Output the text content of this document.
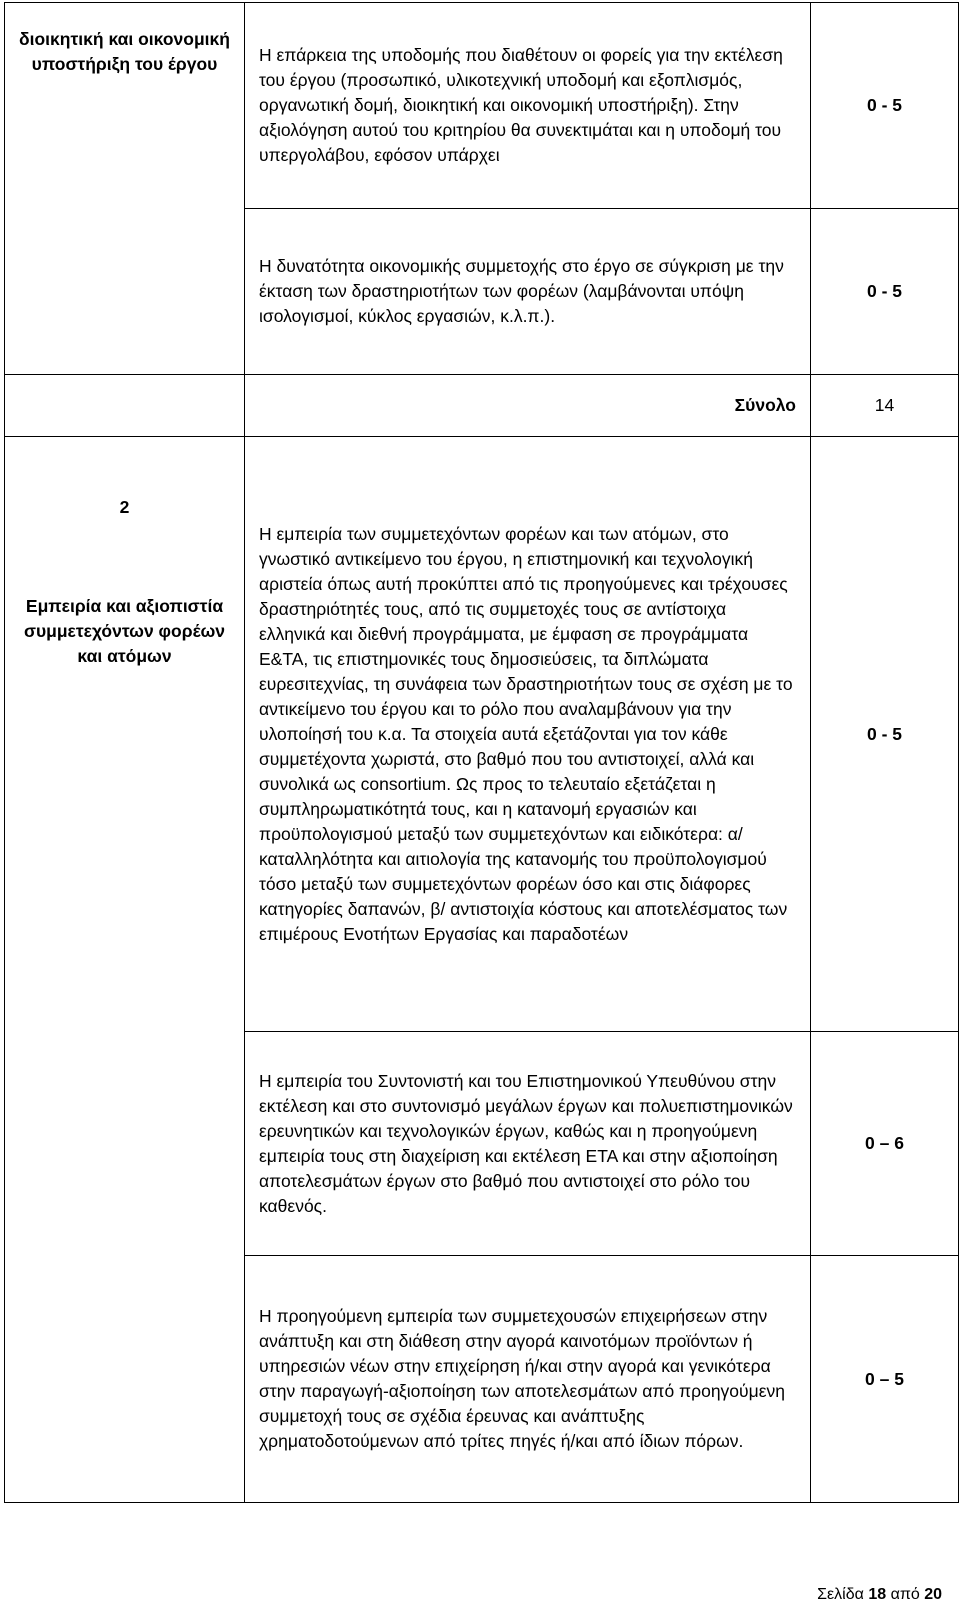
διοικητική και οικονομική υποστήριξη του έργου	Η επάρκεια της υποδομής που διαθέτουν οι φορείς για την εκτέλεση του έργου (προσωπικό, υλικοτεχνική υποδομή και εξοπλισμός, οργανωτική δομή, διοικητική και οικονομική υποστήριξη). Στην αξιολόγηση αυτού του κριτηρίου θα συνεκτιμάται και η υποδομή του υπεργολάβου, εφόσον υπάρχει	0 - 5
	Η δυνατότητα οικονομικής συμμετοχής στο έργο σε σύγκριση με την έκταση των δραστηριοτήτων των φορέων (λαμβάνονται υπόψη ισολογισμοί, κύκλος εργασιών, κ.λ.π.).	0 - 5
	Σύνολο	14

2
Εμπειρία και αξιοπιστία συμμετεχόντων φορέων και ατόμων	Η εμπειρία των συμμετεχόντων φορέων και των ατόμων, στο γνωστικό αντικείμενο του έργου, η επιστημονική και τεχνολογική αριστεία όπως αυτή προκύπτει από τις προηγούμενες και τρέχουσες δραστηριότητές τους, από τις συμμετοχές τους σε αντίστοιχα ελληνικά και διεθνή προγράμματα, με έμφαση σε προγράμματα Ε&ΤΑ, τις επιστημονικές τους δημοσιεύσεις, τα διπλώματα ευρεσιτεχνίας, τη συνάφεια των δραστηριοτήτων τους σε σχέση με το αντικείμενο του έργου και το ρόλο που αναλαμβάνουν για την υλοποίησή του κ.α. Τα στοιχεία αυτά εξετάζονται για τον κάθε συμμετέχοντα χωριστά, στο βαθμό που του αντιστοιχεί, αλλά και συνολικά ως consortium. Ως προς το τελευταίο εξετάζεται η συμπληρωματικότητά τους, και η κατανομή εργασιών και προϋπολογισμού μεταξύ των συμμετεχόντων και ειδικότερα: α/καταλληλότητα και αιτιολογία της κατανομής του προϋπολογισμού τόσο μεταξύ των συμμετεχόντων φορέων όσο και στις διάφορες κατηγορίες δαπανών, β/ αντιστοιχία κόστους και αποτελέσματος των επιμέρους Ενοτήτων Εργασίας και παραδοτέων	0 - 5
	Η εμπειρία του Συντονιστή και του Επιστημονικού Υπευθύνου στην εκτέλεση και στο συντονισμό μεγάλων έργων και πολυεπιστημονικών ερευνητικών και τεχνολογικών έργων, καθώς και η προηγούμενη εμπειρία τους στη διαχείριση και εκτέλεση ΕΤΑ και στην αξιοποίηση αποτελεσμάτων έργων στο βαθμό που αντιστοιχεί στο ρόλο του καθενός.	0 – 6
	Η προηγούμενη εμπειρία των συμμετεχουσών επιχειρήσεων στην ανάπτυξη και στη διάθεση στην αγορά καινοτόμων προϊόντων ή υπηρεσιών νέων στην επιχείρηση ή/και στην αγορά και γενικότερα στην παραγωγή-αξιοποίηση των αποτελεσμάτων από προηγούμενη συμμετοχή τους σε σχέδια έρευνας και ανάπτυξης χρηματοδοτούμενων από τρίτες πηγές ή/και από ίδιων πόρων.	0 – 5
Σελίδα 18 από 20
